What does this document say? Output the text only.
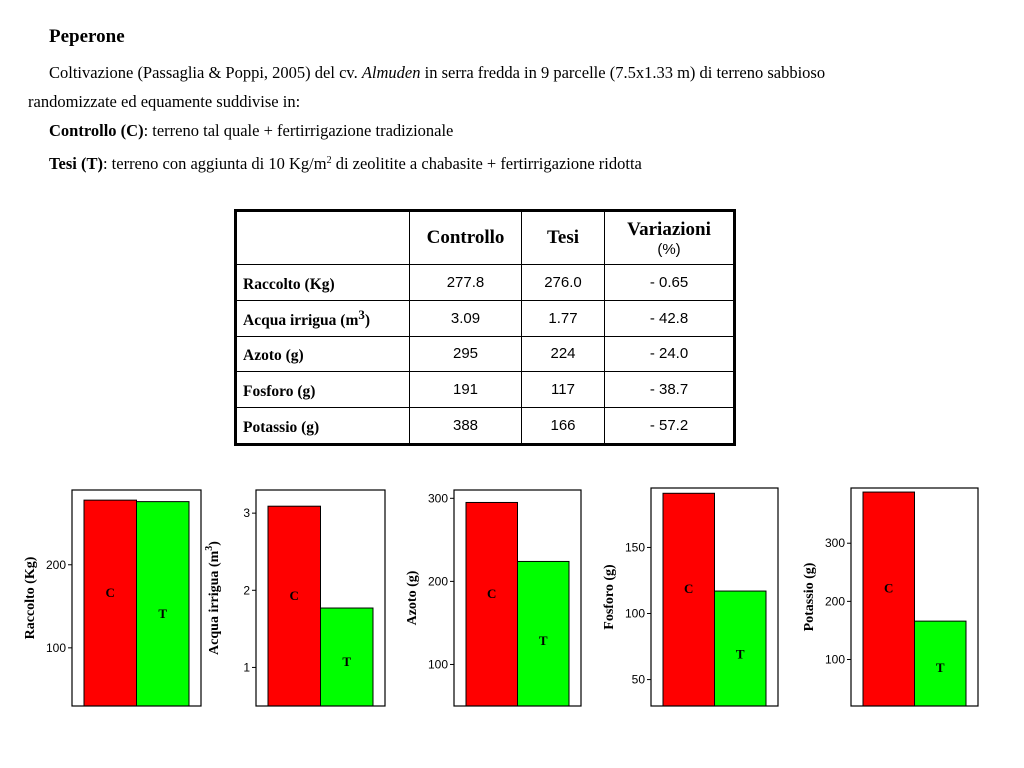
Peperone
Coltivazione (Passaglia & Poppi, 2005) del cv. Almuden in serra fredda in 9 parcelle (7.5x1.33 m) di terreno sabbioso
randomizzate ed equamente suddivise in:
Controllo (C): terreno tal quale + fertirrigazione tradizionale
Tesi (T): terreno con aggiunta di 10 $Kg/m^2$ di zeolitite a chabasite + fertirrigazione ridotta
	Controllo	Tesi	Variazioni
(%)

Raccolto (Kg)	277.8	276.0	- 0.65
Acqua irrigua $(m^3)$	3.09	1.77	- 42.8
Azoto (g)	295	224	- 24.0
Fosforo (g)	191	117	- 38.7
Potassio (g)	388	166	- 57.2
C
T
100
200
Raccolto (Kg)	C
T
1
2
3
Acqua irrigua $(m^3)$
C
T
100
200
300
Azoto (g)	C
T
50
100
150
Fosforo (g)	C
T
100
200
300
Potassio (g)
